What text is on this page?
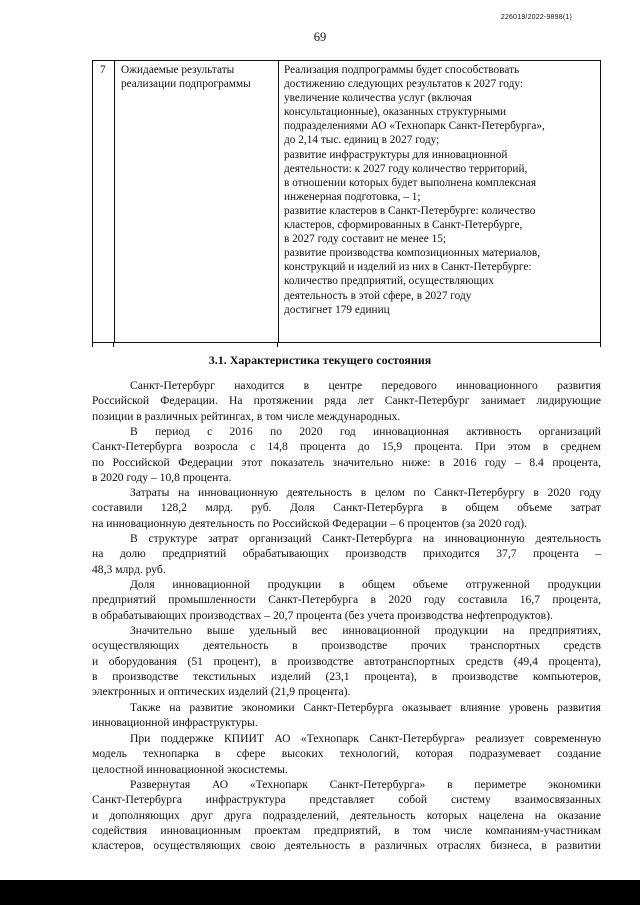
226019/2022-9898(1)
69
7	Ожидаемые результаты
реализации подпрограммы
Реализация подпрограммы будет способствовать
достижению следующих результатов к 2027 году:
увеличение количества услуг (включая
консультационные), оказанных структурными
подразделениями АО «Технопарк Санкт-Петербурга»,
до 2,14 тыс. единиц в 2027 году;
развитие инфраструктуры для инновационной
деятельности: к 2027 году количество территорий,
в отношении которых будет выполнена комплексная
инженерная подготовка, – 1;
развитие кластеров в Санкт-Петербурге: количество
кластеров, сформированных в Санкт-Петербурге,
в 2027 году составит не менее 15;
развитие производства композиционных материалов,
конструкций и изделий из них в Санкт-Петербурге:
количество предприятий, осуществляющих
деятельность в этой сфере, в 2027 году
достигнет 179 единиц
3.1. Характеристика текущего состояния
Санкт-Петербург находится в центре передового инновационного развития
Российской Федерации. На протяжении ряда лет Санкт-Петербург занимает лидирующие
позиции в различных рейтингах, в том числе международных.
В период с 2016 по 2020 год инновационная активность организаций
Санкт-Петербурга возросла с 14,8 процента до 15,9 процента. При этом в среднем
по Российской Федерации этот показатель значительно ниже: в 2016 году – 8.4 процента,
в 2020 году – 10,8 процента.
Затраты на инновационную деятельность в целом по Санкт-Петербургу в 2020 году
составили 128,2 млрд. руб. Доля Санкт-Петербурга в общем объеме затрат
на инновационную деятельность по Российской Федерации – 6 процентов (за 2020 год).
В структуре затрат организаций Санкт-Петербурга на инновационную деятельность
на долю предприятий обрабатывающих производств приходится 37,7 процента –
48,3 млрд. руб.
Доля инновационной продукции в общем объеме отгруженной продукции
предприятий промышленности Санкт-Петербурга в 2020 году составила 16,7 процента,
в обрабатывающих производствах – 20,7 процента (без учета производства нефтепродуктов).
Значительно выше удельный вес инновационной продукции на предприятиях,
осуществляющих деятельность в производстве прочих транспортных средств
и оборудования (51 процент), в производстве автотранспортных средств (49,4 процента),
в производстве текстильных изделий (23,1 процента), в производстве компьютеров,
электронных и оптических изделий (21,9 процента).
Также на развитие экономики Санкт-Петербурга оказывает влияние уровень развития
инновационной инфраструктуры.
При поддержке КПИИТ АО «Технопарк Санкт-Петербурга» реализует современную
модель технопарка в сфере высоких технологий, которая подразумевает создание
целостной инновационной экосистемы.
Развернутая АО «Технопарк Санкт-Петербурга» в периметре экономики
Санкт-Петербурга инфраструктура представляет собой систему взаимосвязанных
и дополняющих друг друга подразделений, деятельность которых нацелена на оказание
содействия инновационным проектам предприятий, в том числе компаниям-участникам
кластеров, осуществляющих свою деятельность в различных отраслях бизнеса, в развитии
